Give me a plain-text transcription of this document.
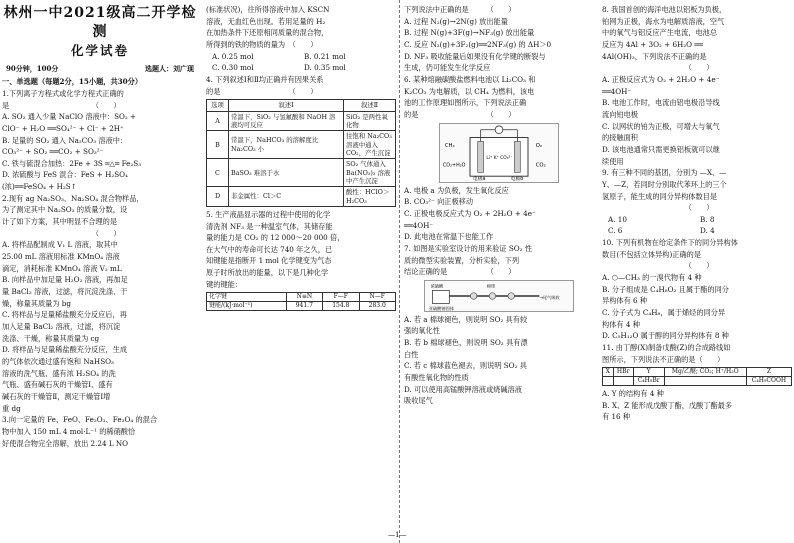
林州一中2021级高二开学检测
化学试卷
90分钟，100分	选题人：刘广现

一、单选题（每题2分，15小题，共30分）

1.下列离子方程式或化学方程式正确的

是　　　　　　　　　　　　（　　）

A. SO₂ 通入少量 NaClO 溶液中：SO₂ +

ClO⁻ + H₂O ══SO₄²⁻ + Cl⁻ + 2H⁺

B. 足量的 SO₂ 通入 Na₂CO₃ 溶液中：

CO₃²⁻ + SO₂ ══CO₂ + SO₃²⁻

C. 铁与硫混合加热：2Fe + 3S ═△═ Fe₂S₃

D. 浓硫酸与 FeS 混合：FeS + H₂SO₄

(浓)══FeSO₄ + H₂S↑

2.现有 ag Na₂SO₃、Na₂SO₄ 混合物样品，

为了测定其中 Na₂SO₃ 的质量分数，设

计了如下方案，其中明显不合理的是

　　　　　　　　　　　　　（　　）

A. 将样品配制成 V₁ L 溶液，取其中

25.00 mL 溶液用标准 KMnO₄ 溶液

滴定，消耗标准 KMnO₄ 溶液 V₂ mL

B. 向样品中加足量 H₂O₂ 溶液，再加足

量 BaCl₂ 溶液，过滤，将沉淀洗涤、干

燥，称量其质量为 bg

C. 将样品与足量稀盐酸充分反应后，再

加入足量 BaCl₂ 溶液，过滤，将沉淀

洗涤、干燥，称量其质量为 cg

D. 将样品与足量稀盐酸充分反应，生成

的气体依次通过盛有饱和 NaHSO₃

溶液的洗气瓶、盛有浓 H₂SO₄ 的洗

气瓶、盛有碱石灰的干燥管Ⅰ、盛有

碱石灰的干燥管Ⅱ，测定干燥管Ⅰ增

重 dg

3.向一定量的 Fe、FeO、Fe₂O₃、Fe₃O₄ 的混合

物中加入 150 mL 4 mol·L⁻¹ 的稀硝酸恰

好使混合物完全溶解，放出 2.24 L NO

(标准状况)，往所得溶液中加入 KSCN

溶液，无血红色出现。若用足量的 H₂

在加热条件下还原相同质量的混合物，

所得到的铁的物质的量为　（　　）

A. 0.25 mol	B. 0.21 mol
C. 0.30 mol	D. 0.35 mol

4. 下列叙述Ⅰ和Ⅱ均正确并有因果关系

的是　　　　　　　　　　（　　）

选项	叙述Ⅰ	叙述Ⅱ
A	常温下，SiO₂ 与氢氟酸和 NaOH 溶液均可反应	SiO₂ 是两性氧化物
B	常温下，NaHCO₃ 的溶解度比 Na₂CO₃ 小	往饱和 Na₂CO₃ 溶液中通入 CO₂，产生沉淀
C	BaSO₃ 难溶于水	SO₂ 气体通入 Ba(NO₃)₂ 溶液中产生沉淀
D	非金属性：Cl＞C	酸性：HClO＞H₂CO₃

5. 生产液晶显示器的过程中使用的化学

清洗剂 NF₃ 是一种温室气体，其储存能

量的能力是 CO₂ 的 12 000～20 000 倍，

在大气中的寿命可长达 740 年之久，已

知键能是指断开 1 mol 化学键变为气态

原子时所放出的能量，以下是几种化学

键的键能：

化学键	N≡N	F—F	N—F
键能/(kJ·mol⁻¹)	941.7	154.8	283.0

下列说法中正确的是　　　（　　）

A. 过程 N₂(g)→2N(g) 放出能量

B. 过程 N(g)+3F(g)→NF₃(g) 放出能量

C. 反应 N₂(g)+3F₂(g)══2NF₃(g) 的 ΔH＞0

D. NF₃ 吸收能量后如果没有化学键的断裂与

生成，仍可能发生化学反应

6. 某种熔融碳酸盐燃料电池以 Li₂CO₃ 和

K₂CO₃ 为电解质，以 CH₄ 为燃料，该电

池的工作原理如图所示，下列说法正确

的是　　　　　　　　　　（　　）

CH₄
CO₂+H₂O
电极a	电极b
O₂
CO₂
Li⁺ K⁺ CO₃²⁻

A. 电极 a 为负极，发生氧化反应

B. CO₃²⁻ 向正极移动

C. 正极电极反应式为 O₂ + 2H₂O + 4e⁻

══4OH⁻

D. 此电池在常温下也能工作

7. 如图是实验室设计的用来验证 SO₂ 性

质的微型实验装置，分析实验，下列

结论正确的是　　　　　　（　　）

亚硫酸钠固体
浓硫酸	棉球
→尾气吸收

A. 若 a 棉球褪色，则说明 SO₂ 具有较

强的氧化性

B. 若 b 棉球褪色，则说明 SO₂ 具有漂

白性

C. 若 c 棉球蓝色褪去，则说明 SO₂ 具

有酸性氧化物的性质

D. 可以使用高锰酸钾溶液或烧碱溶液

吸收尾气

8. 我国首创的海洋电池以铝板为负极，

铂网为正极，海水为电解质溶液，空气

中的氧气与铝反应产生电流，电池总

反应为 4Al + 3O₂ + 6H₂O ══

4Al(OH)₃，下列说法不正确的是

　　　　　　　　　　　　（　　）

A. 正极反应式为 O₂ + 2H₂O + 4e⁻

══4OH⁻

B. 电池工作时，电流由铝电极沿导线

流向铂电极

C. 以网状的铂为正极，可增大与氧气

的接触面积

D. 该电池通常只需更换铝板就可以继

续使用

9. 有三种不同的基团，分别为 —X、—

Y、—Z，若同时分别取代苯环上的三个

氢原子，能生成的同分异构体数目是

　　　　　　　　　　　　（　　）

A. 10	B. 8
C. 6	D. 4

10. 下列有机物在给定条件下的同分异构体

数目(不包括立体异构)正确的是

　　　　　　　　　　　　（　　）

A. ⬡—CH₃ 的一溴代物有 4 种

B. 分子组成是 C₄H₈O₂ 且属于酯的同分

异构体有 6 种

C. 分子式为 C₄H₈，属于烯烃的同分异

构体有 4 种

D. C₅H₁₂O 属于醇的同分异构体有 8 种

11. 由丁醇(X)制备戊酸(Z)的合成路线如

图所示，下列说法不正确的是（　　）

X	HBr	Y	Mg/乙醚; CO₂; H⁺/H₂O	Z
		C₄H₉Br		C₄H₉COOH

A. Y 的结构有 4 种

B. X、Z 能形成戊酸丁酯，戊酸丁酯最多

有 16 种

—1—
